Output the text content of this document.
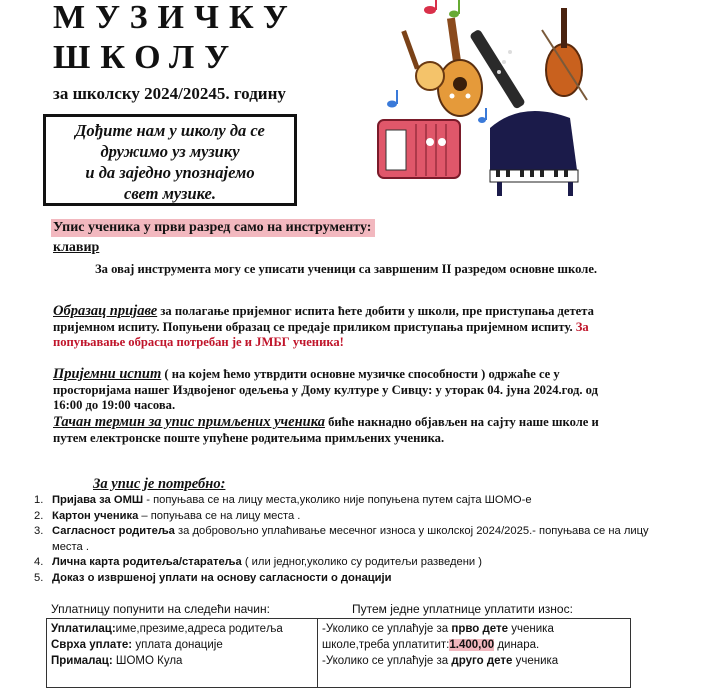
МУЗИЧКУ
ШКОЛУ
за школску 2024/20245. годину
Дођите нам у школу да се
дружимо уз музику
и да заједно упознајемо
свет музике.
Упис ученика у први разред само на инструменту:
клавир
За овај инструмента могу се уписати ученици са завршеним II разредом основне школе.
Образац пријаве за полагање пријемног испита ћете добити у школи, пре приступања детета пријемном испиту. Попуњени образац се предаје приликом приступања пријемном испиту. За попуњавање обрасца потребан је и ЈМБГ ученика!
Пријемни испит ( на којем ћемо утврдити основне музичке способности ) одржаће се у просторијама нашег Издвојеног одељења у Дому културе у Сивцу: у уторак 04. јуна 2024.год. од 16:00 до 19:00 часова.
Тачан термин за упис примљених ученика биће накнадно објављен на сајту наше школе и путем електронске поште упућене родитељима примљених ученика.
За упис је потребно:
1. Пријава за ОМШ - попуњава се на лицу места,уколико није попуњена путем сајта ШОМО-е
2. Картон ученика – попуњава се на лицу места .
3. Сагласност родитеља за добровољно уплаћивање месечног износа у школској 2024/2025.- попуњава се на лицу места .
4. Лична карта родитеља/старатеља ( или једног,уколико су родитељи разведени )
5. Доказ о извршеној уплати на основу сагласности о донацији
Уплатницу попунити на следећи начин:	Путем једне уплатнице уплатити износ:
Уплатилац:име,презиме,адреса родитеља
Сврха уплате: уплата донације
Прималац: ШОМО Кула
-Уколико се уплаћује за прво дете ученика
школе,треба уплатитит:1.400,00 динара.
-Уколико се уплаћује за друго дете ученика
